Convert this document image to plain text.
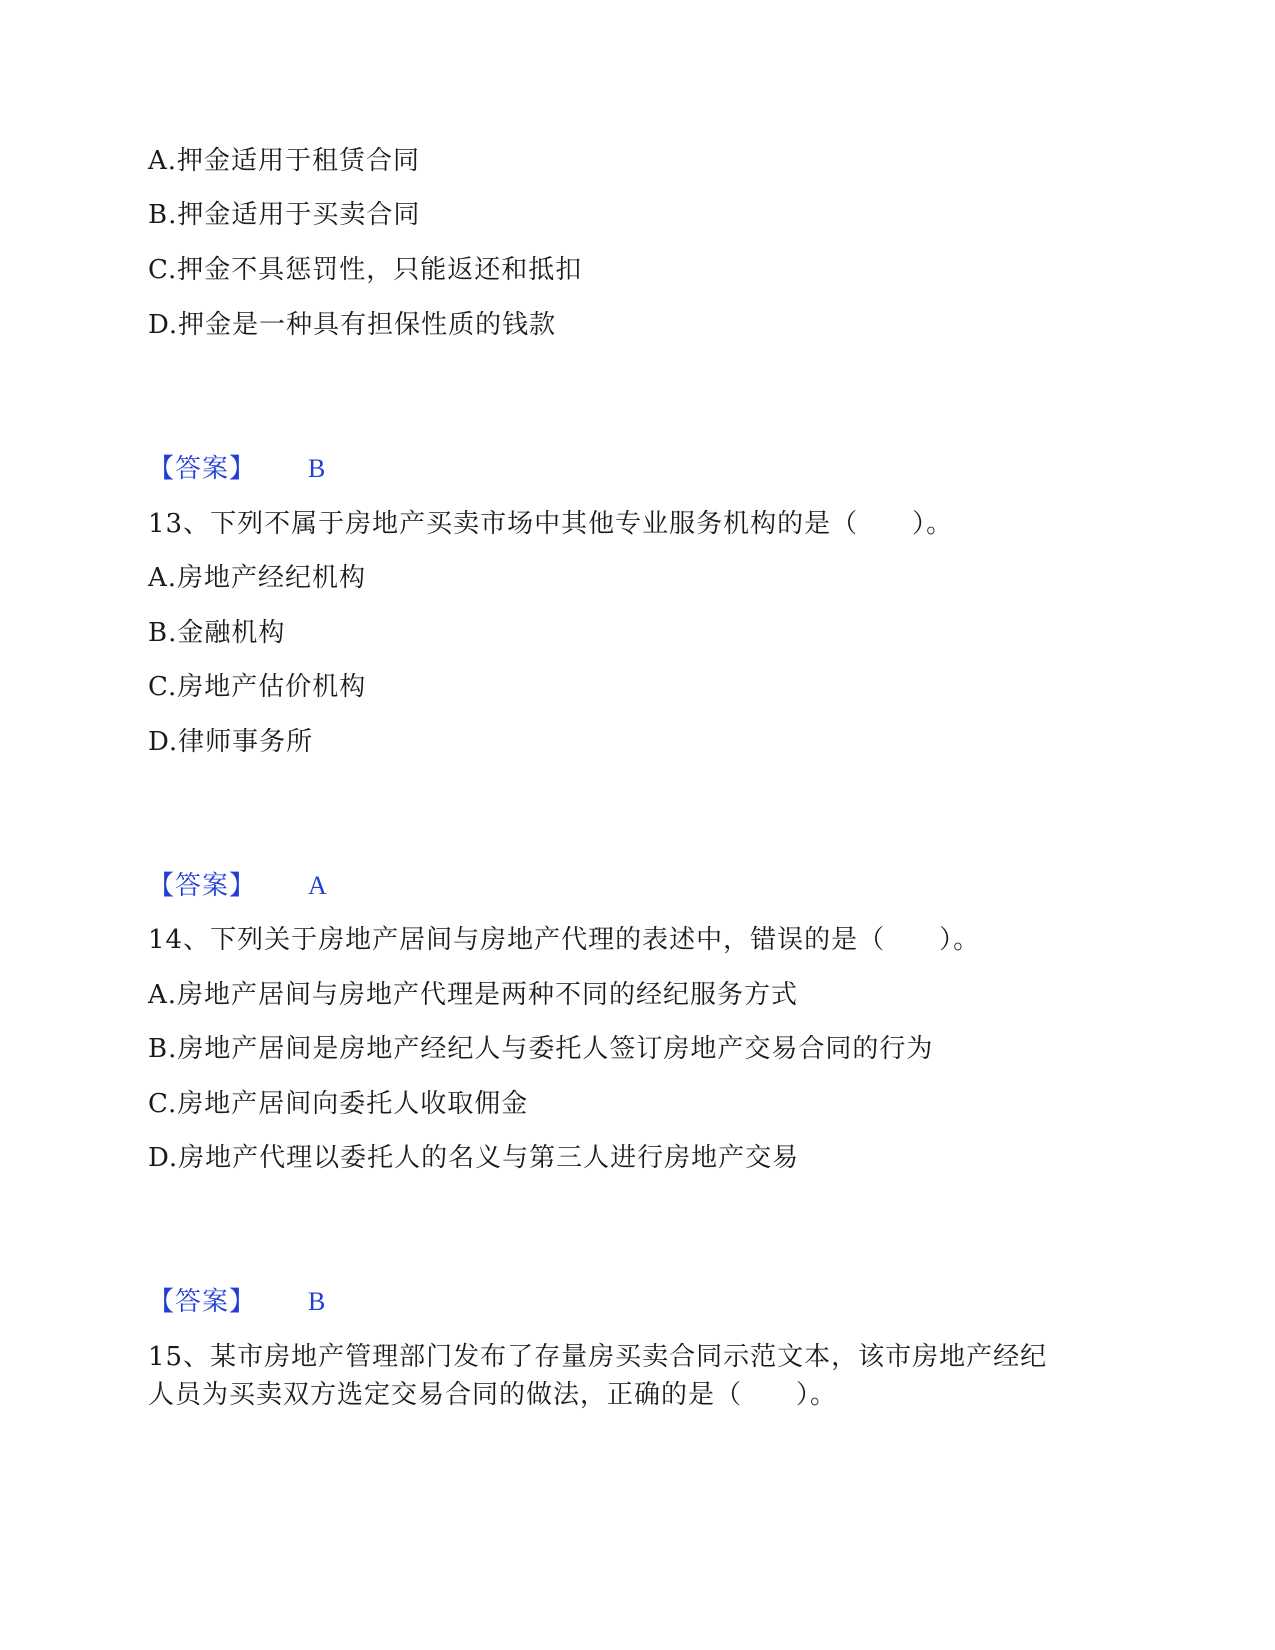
A.押金适用于租赁合同
B.押金适用于买卖合同
C.押金不具惩罚性，只能返还和抵扣
D.押金是一种具有担保性质的钱款
【答案】 B
13、下列不属于房地产买卖市场中其他专业服务机构的是（　　）。
A.房地产经纪机构
B.金融机构
C.房地产估价机构
D.律师事务所
【答案】 A
14、下列关于房地产居间与房地产代理的表述中，错误的是（　　）。
A.房地产居间与房地产代理是两种不同的经纪服务方式
B.房地产居间是房地产经纪人与委托人签订房地产交易合同的行为
C.房地产居间向委托人收取佣金
D.房地产代理以委托人的名义与第三人进行房地产交易
【答案】 B
15、某市房地产管理部门发布了存量房买卖合同示范文本，该市房地产经纪
人员为买卖双方选定交易合同的做法，正确的是（　　）。
